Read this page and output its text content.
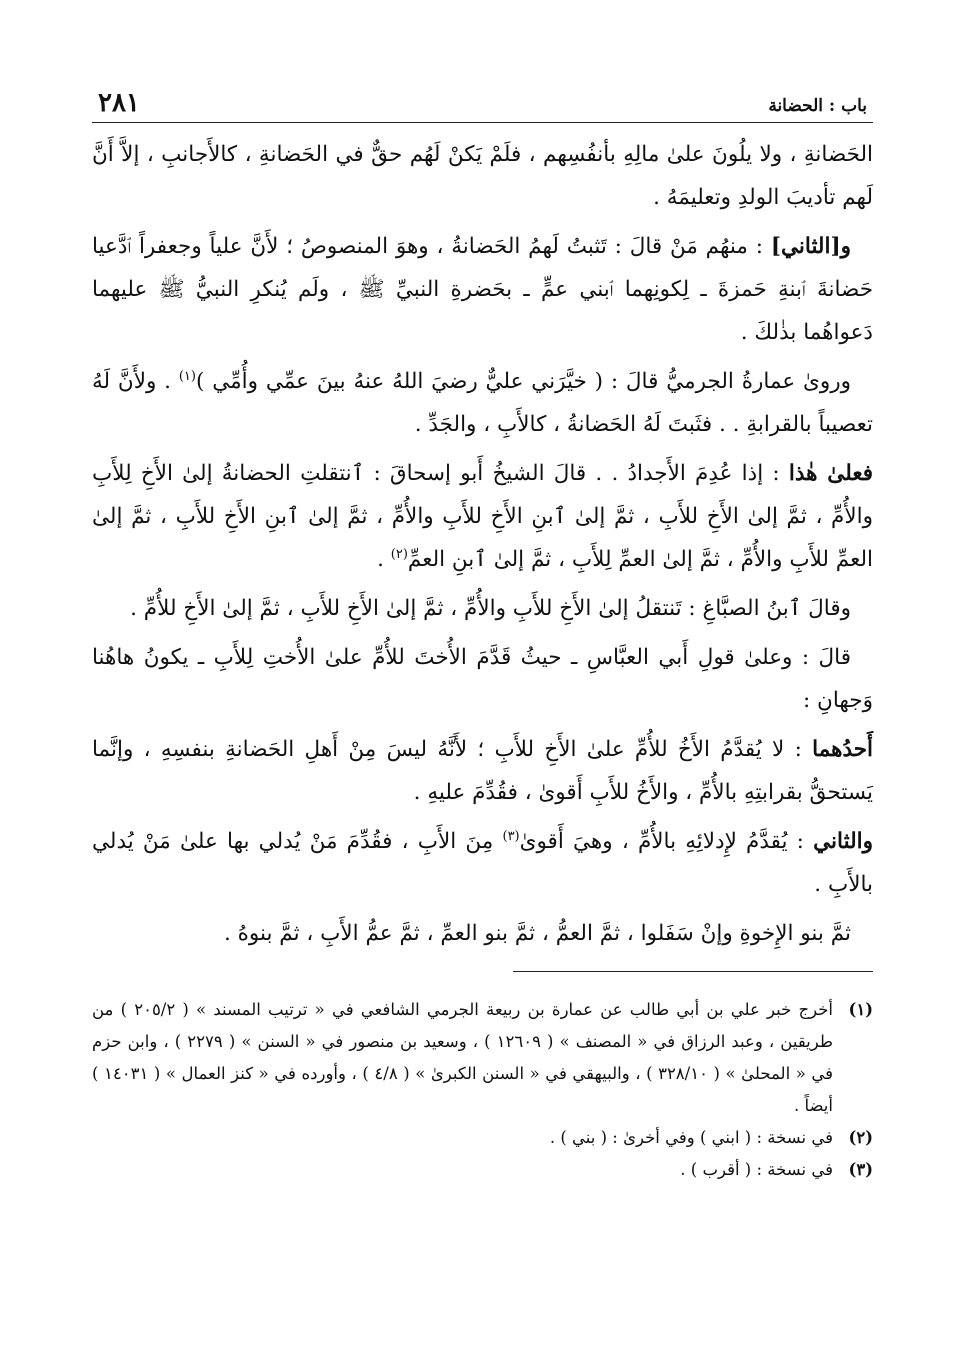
باب : الحضانة
٢٨١

الحَضانةِ ، ولا يلُونَ علىٰ مالِهِ بأنفُسِهم ، فلَمْ يَكنْ لَهُم حقٌّ في الحَضانةِ ، كالأَجانبِ ، إلاَّ أَنَّ لَهم تأديبَ الولدِ وتعليمَهُ .

و[الثاني] : منهُم مَنْ قالَ : تَثبتُ لَهمُ الحَضانةُ ، وهوَ المنصوصُ ؛ لأَنَّ علياً وجعفراً ٱدَّعيا حَضانةَ ٱبنةِ حَمزةَ ـ لِكونِهما ٱبني عمٍّ ـ بحَضرةِ النبيِّ ﷺ ، ولَم يُنكرِ النبيُّ ﷺ عليهما دَعواهُما بذٰلكَ .

وروىٰ عمارةُ الجرميُّ قالَ : ( خيَّرَني عليٌّ رضيَ اللهُ عنهُ بينَ عمِّي وأُمِّي )$^{(١)}$ . ولأَنَّ لَهُ تعصيباً بالقرابةِ . . فثَبتَ لَهُ الحَضانةُ ، كالأَبِ ، والجَدِّ .

فعلىٰ هٰذا : إذا عُدِمَ الأَجدادُ . . قالَ الشيخُ أَبو إسحاقَ : ٱنتقلتِ الحضانةُ إلىٰ الأَخِ لِلأَبِ والأُمِّ ، ثمَّ إلىٰ الأَخِ للأَبِ ، ثمَّ إلىٰ ٱبنِ الأَخِ للأَبِ والأُمِّ ، ثمَّ إلىٰ ٱبنِ الأَخِ للأَبِ ، ثمَّ إلىٰ العمِّ للأَبِ والأُمِّ ، ثمَّ إلىٰ العمِّ لِلأَبِ ، ثمَّ إلىٰ ٱبنِ العمِّ$^{(٢)}$ .

وقالَ ٱبنُ الصبَّاغِ : تَنتقلُ إلىٰ الأَخِ للأَبِ والأُمِّ ، ثمَّ إلىٰ الأَخِ للأَبِ ، ثمَّ إلىٰ الأَخِ للأُمِّ .

قالَ : وعلىٰ قولِ أَبي العبَّاسِ ـ حيثُ قَدَّمَ الأُختَ للأُمِّ علىٰ الأُختِ لِلأَبِ ـ يكونُ هاهُنا وَجهانِ :

أَحدُهما : لا يُقدَّمُ الأَخُ للأُمِّ علىٰ الأَخِ للأَبِ ؛ لأَنَّهُ ليسَ مِنْ أَهلِ الحَضانةِ بنفسِهِ ، وإنَّما يَستحقُّ بقرابتِهِ بالأُمِّ ، والأَخُ للأَبِ أَقوىٰ ، فقُدِّمَ عليهِ .

والثاني : يُقدَّمُ لإِدلائِهِ بالأُمِّ ، وهيَ أَقوىٰ$^{(٣)}$ مِنَ الأَبِ ، فقُدِّمَ مَنْ يُدلي بها علىٰ مَنْ يُدلي بالأَبِ .

ثمَّ بنو الإِخوةِ وإنْ سَفَلوا ، ثمَّ العمُّ ، ثمَّ بنو العمِّ ، ثمَّ عمُّ الأَبِ ، ثمَّ بنوهُ .

(١)
أخرج خبر علي بن أبي طالب عن عمارة بن ربيعة الجرمي الشافعي في « ترتيب المسند » ( ٢٠٥/٢ ) من طريقين ، وعبد الرزاق في « المصنف » ( ١٢٦٠٩ ) ، وسعيد بن منصور في « السنن » ( ٢٢٧٩ ) ، وابن حزم في « المحلىٰ » ( ٣٢٨/١٠ ) ، والبيهقي في « السنن الكبرىٰ » ( ٤/٨ ) ، وأورده في « كنز العمال » ( ١٤٠٣١ ) أيضاً .
(٢)
في نسخة : ( ابني ) وفي أخرىٰ : ( بني ) .
(٣)
في نسخة : ( أقرب ) .
